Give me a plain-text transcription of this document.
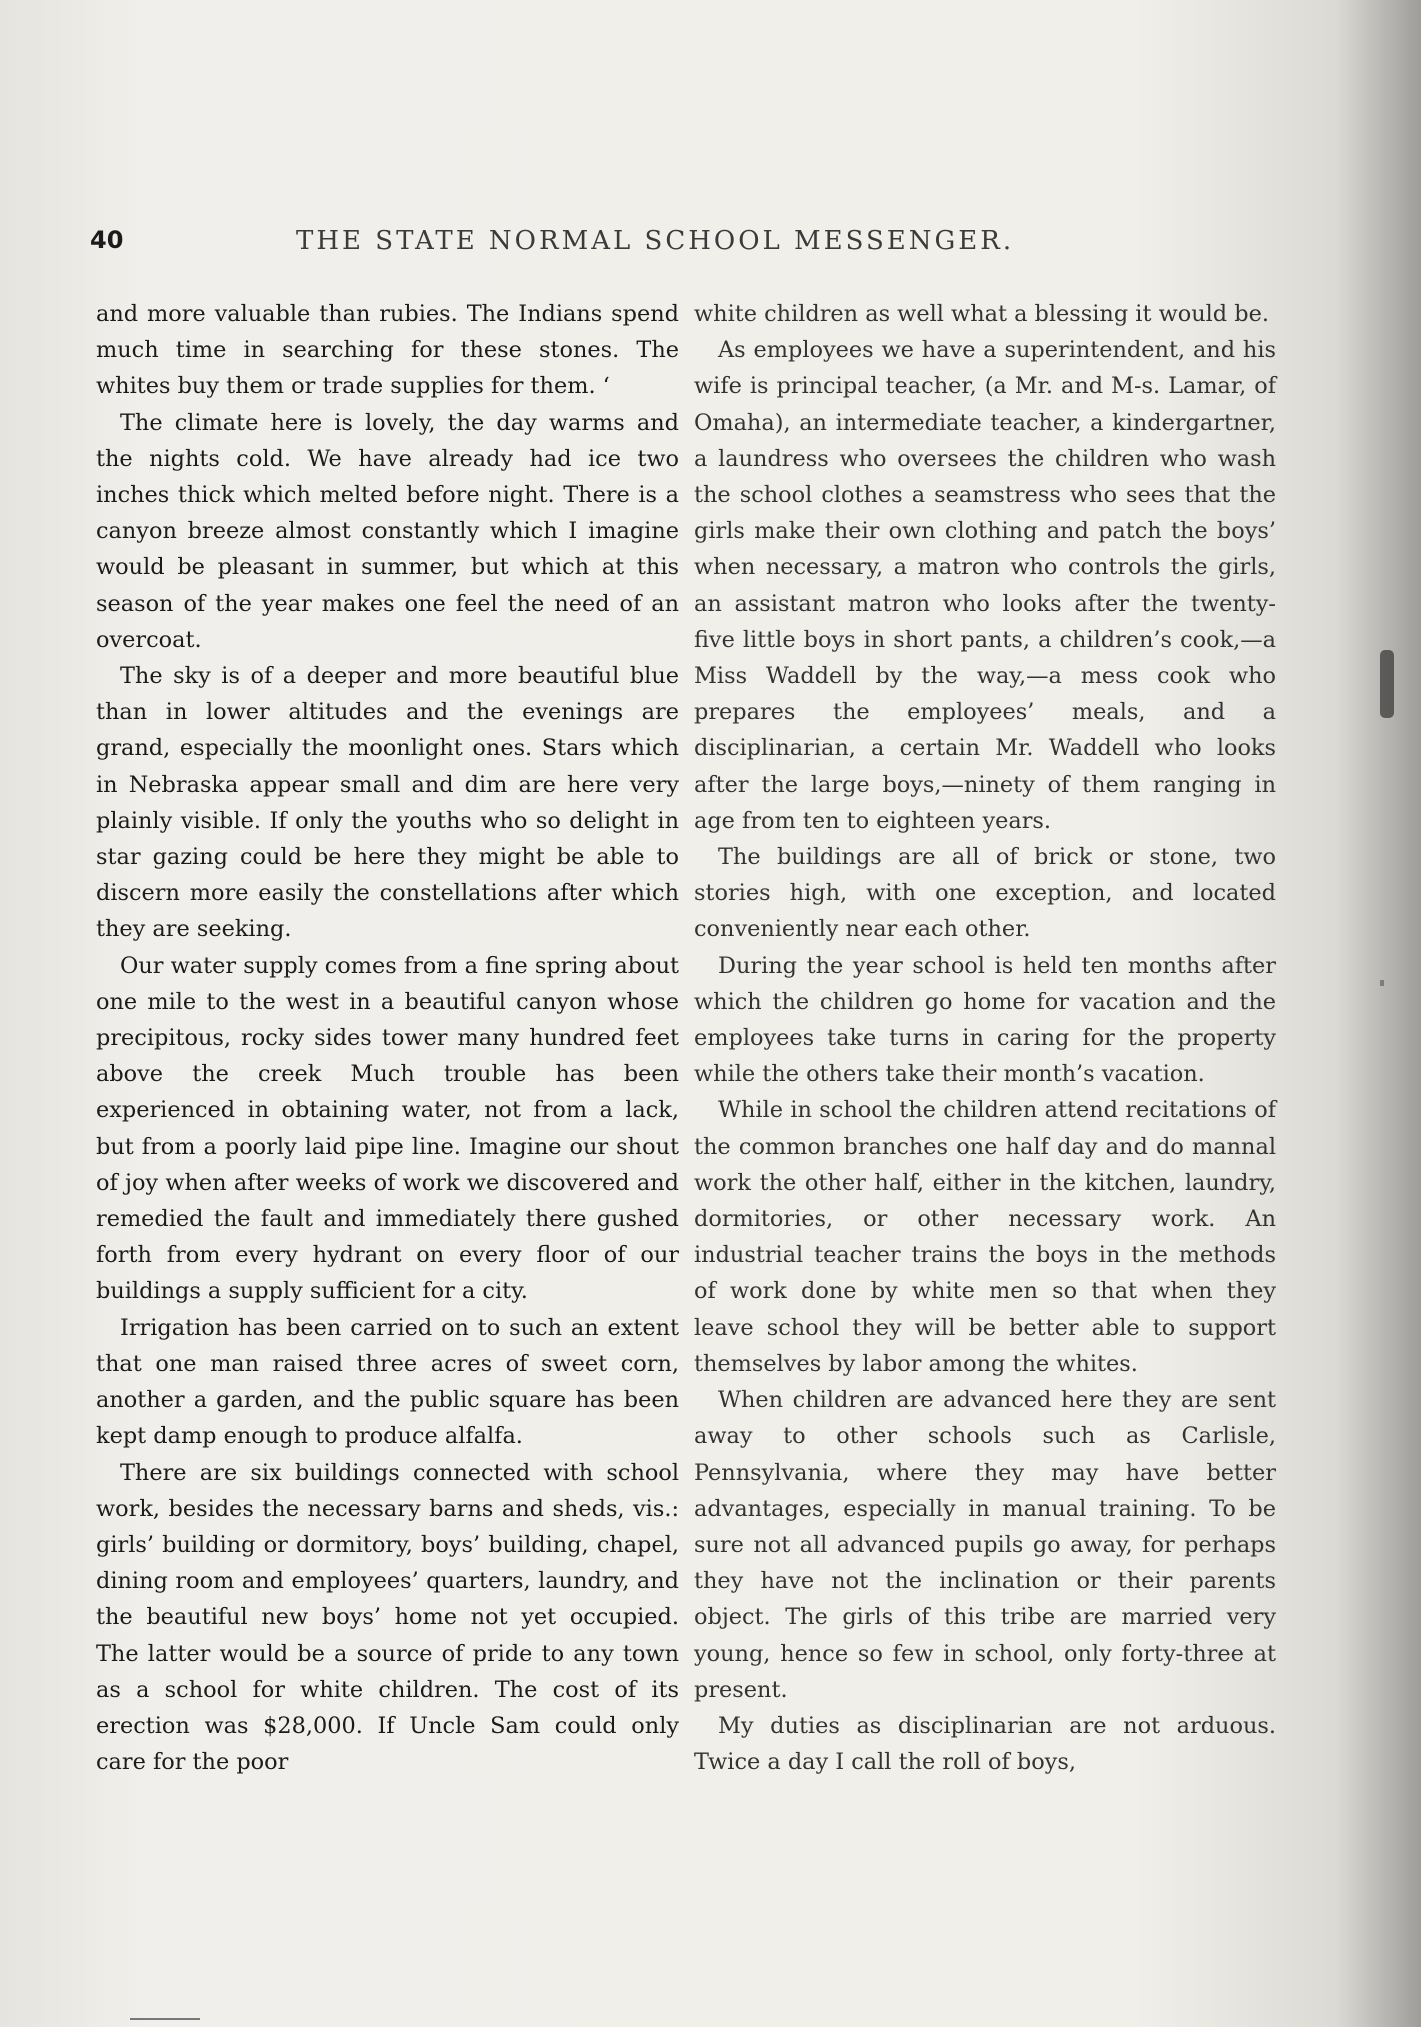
40	THE STATE NORMAL SCHOOL MESSENGER.

and more valuable than rubies. The Indians spend much time in searching for these stones. The whites buy them or trade supplies for them. ‘

The climate here is lovely, the day warms and the nights cold. We have already had ice two inches thick which melted before night. There is a canyon breeze almost constantly which I imagine would be pleasant in summer, but which at this season of the year makes one feel the need of an overcoat.

The sky is of a deeper and more beautiful blue than in lower altitudes and the evenings are grand, especially the moonlight ones. Stars which in Nebraska appear small and dim are here very plainly visible. If only the youths who so delight in star gazing could be here they might be able to discern more easily the constellations after which they are seeking.

Our water supply comes from a fine spring about one mile to the west in a beautiful canyon whose precipitous, rocky sides tower many hundred feet above the creek Much trouble has been experienced in obtaining water, not from a lack, but from a poorly laid pipe line. Imagine our shout of joy when after weeks of work we discovered and remedied the fault and immediately there gushed forth from every hydrant on every floor of our buildings a supply sufficient for a city.

Irrigation has been carried on to such an extent that one man raised three acres of sweet corn, another a garden, and the public square has been kept damp enough to produce alfalfa.

There are six buildings connected with school work, besides the necessary barns and sheds, vis.: girls’ building or dormitory, boys’ building, chapel, dining room and employees’ quarters, laundry, and the beautiful new boys’ home not yet occupied. The latter would be a source of pride to any town as a school for white children. The cost of its erection was $28,000. If Uncle Sam could only care for the poor

white children as well what a blessing it would be.

As employees we have a superintendent, and his wife is principal teacher, (a Mr. and M-s. Lamar, of Omaha), an intermediate teacher, a kindergartner, a laundress who oversees the children who wash the school clothes a seamstress who sees that the girls make their own clothing and patch the boys’ when necessary, a matron who controls the girls, an assistant matron who looks after the twenty-five little boys in short pants, a children’s cook,—a Miss Waddell by the way,—a mess cook who prepares the employees’ meals, and a disciplinarian, a certain Mr. Waddell who looks after the large boys,—ninety of them ranging in age from ten to eighteen years.

The buildings are all of brick or stone, two stories high, with one exception, and located conveniently near each other.

During the year school is held ten months after which the children go home for vacation and the employees take turns in caring for the property while the others take their month’s vacation.

While in school the children attend recitations of the common branches one half day and do mannal work the other half, either in the kitchen, laundry, dormitories, or other necessary work. An industrial teacher trains the boys in the methods of work done by white men so that when they leave school they will be better able to support themselves by labor among the whites.

When children are advanced here they are sent away to other schools such as Carlisle, Pennsylvania, where they may have better advantages, especially in manual training. To be sure not all advanced pupils go away, for perhaps they have not the inclination or their parents object. The girls of this tribe are married very young, hence so few in school, only forty-three at present.

My duties as disciplinarian are not arduous. Twice a day I call the roll of boys,
